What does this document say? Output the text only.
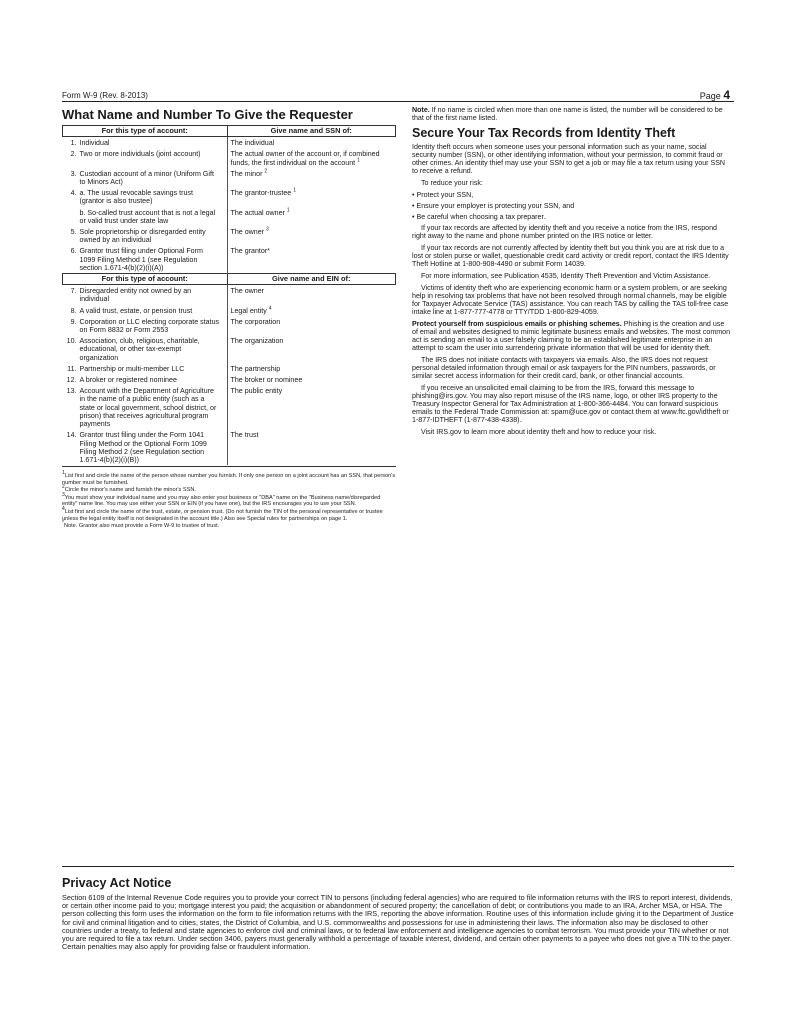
Form W-9 (Rev. 8-2013)	Page 4
What Name and Number To Give the Requester
For this type of account:	Give name and SSN of:
1. Individual	The individual
2. Two or more individuals (joint account)	The actual owner of the account or, if combined funds, the first individual on the account $^1$
3. Custodian account of a minor (Uniform Gift to Minors Act)	The minor $^2$
4. a. The usual revocable savings trust (grantor is also trustee)	The grantor-trustee $^1$
b. So-called trust account that is not a legal or valid trust under state law	The actual owner $^1$
5. Sole proprietorship or disregarded entity owned by an individual	The owner $^3$
6. Grantor trust filing under Optional Form 1099 Filing Method 1 (see Regulation section 1.671-4(b)(2)(i)(A))	The grantor*
For this type of account:	Give name and EIN of:
7. Disregarded entity not owned by an individual	The owner
8. A valid trust, estate, or pension trust	Legal entity $^4$
9. Corporation or LLC electing corporate status on Form 8832 or Form 2553	The corporation
10. Association, club, religious, charitable, educational, or other tax-exempt organization	The organization
11. Partnership or multi-member LLC	The partnership
12. A broker or registered nominee	The broker or nominee
13. Account with the Department of Agriculture in the name of a public entity (such as a state or local government, school district, or prison) that receives agricultural program payments	The public entity
14. Grantor trust filing under the Form 1041 Filing Method or the Optional Form 1099 Filing Method 2 (see Regulation section 1.671-4(b)(2)(i)(B))	The trust

$^1$List first and circle the name of the person whose number you furnish. If only one person on a joint account has an SSN, that person's number must be furnished.

$^2$Circle the minor's name and furnish the minor's SSN.

$^3$You must show your individual name and you may also enter your business or "DBA" name on the "Business name/disregarded entity" name line. You may use either your SSN or EIN (if you have one), but the IRS encourages you to use your SSN.

$^4$List first and circle the name of the trust, estate, or pension trust. (Do not furnish the TIN of the personal representative or trustee unless the legal entity itself is not designated in the account title.) Also see Special rules for partnerships on page 1.

*Note. Grantor also must provide a Form W-9 to trustee of trust.

Note. If no name is circled when more than one name is listed, the number will be considered to be that of the first name listed.

Secure Your Tax Records from Identity Theft

Identity theft occurs when someone uses your personal information such as your name, social security number (SSN), or other identifying information, without your permission, to commit fraud or other crimes. An identity thief may use your SSN to get a job or may file a tax return using your SSN to receive a refund.

To reduce your risk:

• Protect your SSN,

• Ensure your employer is protecting your SSN, and

• Be careful when choosing a tax preparer.

If your tax records are affected by identity theft and you receive a notice from the IRS, respond right away to the name and phone number printed on the IRS notice or letter.

If your tax records are not currently affected by identity theft but you think you are at risk due to a lost or stolen purse or wallet, questionable credit card activity or credit report, contact the IRS Identity Theft Hotline at 1-800-908-4490 or submit Form 14039.

For more information, see Publication 4535, Identity Theft Prevention and Victim Assistance.

Victims of identity theft who are experiencing economic harm or a system problem, or are seeking help in resolving tax problems that have not been resolved through normal channels, may be eligible for Taxpayer Advocate Service (TAS) assistance. You can reach TAS by calling the TAS toll-free case intake line at 1-877-777-4778 or TTY/TDD 1-800-829-4059.

Protect yourself from suspicious emails or phishing schemes. Phishing is the creation and use of email and websites designed to mimic legitimate business emails and websites. The most common act is sending an email to a user falsely claiming to be an established legitimate enterprise in an attempt to scam the user into surrendering private information that will be used for identity theft.

The IRS does not initiate contacts with taxpayers via emails. Also, the IRS does not request personal detailed information through email or ask taxpayers for the PIN numbers, passwords, or similar secret access information for their credit card, bank, or other financial accounts.

If you receive an unsolicited email claiming to be from the IRS, forward this message to phishing@irs.gov. You may also report misuse of the IRS name, logo, or other IRS property to the Treasury Inspector General for Tax Administration at 1-800-366-4484. You can forward suspicious emails to the Federal Trade Commission at: spam@uce.gov or contact them at www.ftc.gov/idtheft or 1-877-IDTHEFT (1-877-438-4338).

Visit IRS.gov to learn more about identity theft and how to reduce your risk.

Privacy Act Notice

Section 6109 of the Internal Revenue Code requires you to provide your correct TIN to persons (including federal agencies) who are required to file information returns with the IRS to report interest, dividends, or certain other income paid to you; mortgage interest you paid; the acquisition or abandonment of secured property; the cancellation of debt; or contributions you made to an IRA, Archer MSA, or HSA. The person collecting this form uses the information on the form to file information returns with the IRS, reporting the above information. Routine uses of this information include giving it to the Department of Justice for civil and criminal litigation and to cities, states, the District of Columbia, and U.S. commonwealths and possessions for use in administering their laws. The information also may be disclosed to other countries under a treaty, to federal and state agencies to enforce civil and criminal laws, or to federal law enforcement and intelligence agencies to combat terrorism. You must provide your TIN whether or not you are required to file a tax return. Under section 3406, payers must generally withhold a percentage of taxable interest, dividend, and certain other payments to a payee who does not give a TIN to the payer. Certain penalties may also apply for providing false or fraudulent information.
